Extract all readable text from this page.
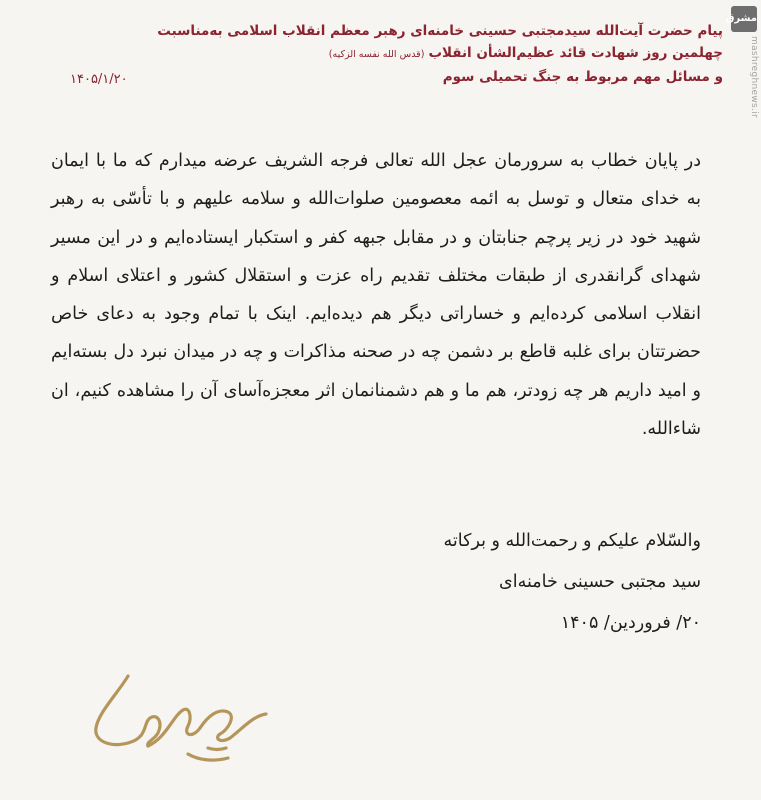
مشرق
mashreghnews.ir
پیام حضرت آیت‌الله سیدمجتبی حسینی خامنه‌ای رهبر معظم انقلاب اسلامی به‌مناسبت
چهلمین روز شهادت قائد عظیم‌الشأن انقلاب(قدس الله نفسه الزکیه)
و مسائل مهم مربوط به جنگ تحمیلی سوم
۱۴۰۵/۱/۲۰
در پایان خطاب به سرورمان عجل الله تعالی فرجه الشریف عرضه میدارم که ما با ایمان به خدای متعال و توسل به ائمه معصومین صلوات‌الله و سلامه علیهم و با تأسّی به رهبر شهید خود در زیر پرچم جنابتان و در مقابل جبهه کفر و استکبار ایستاده‌ایم و در این مسیر شهدای گرانقدری از طبقات مختلف تقدیم راه عزت و استقلال کشور و اعتلای اسلام و انقلاب اسلامی کرده‌ایم و خساراتی دیگر هم دیده‌ایم. اینک با تمام وجود به دعای خاص حضرتتان برای غلبه قاطع بر دشمن چه در صحنه مذاکرات و چه در میدان نبرد دل بسته‌ایم و امید داریم هر چه زودتر، هم ما و هم دشمنانمان اثر معجزه‌آسای آن را مشاهده کنیم، ان شاءالله.
والسّلام علیکم و رحمت‌الله و برکاته
سید مجتبی حسینی خامنه‌ای
۲۰/ فروردین/ ۱۴۰۵
